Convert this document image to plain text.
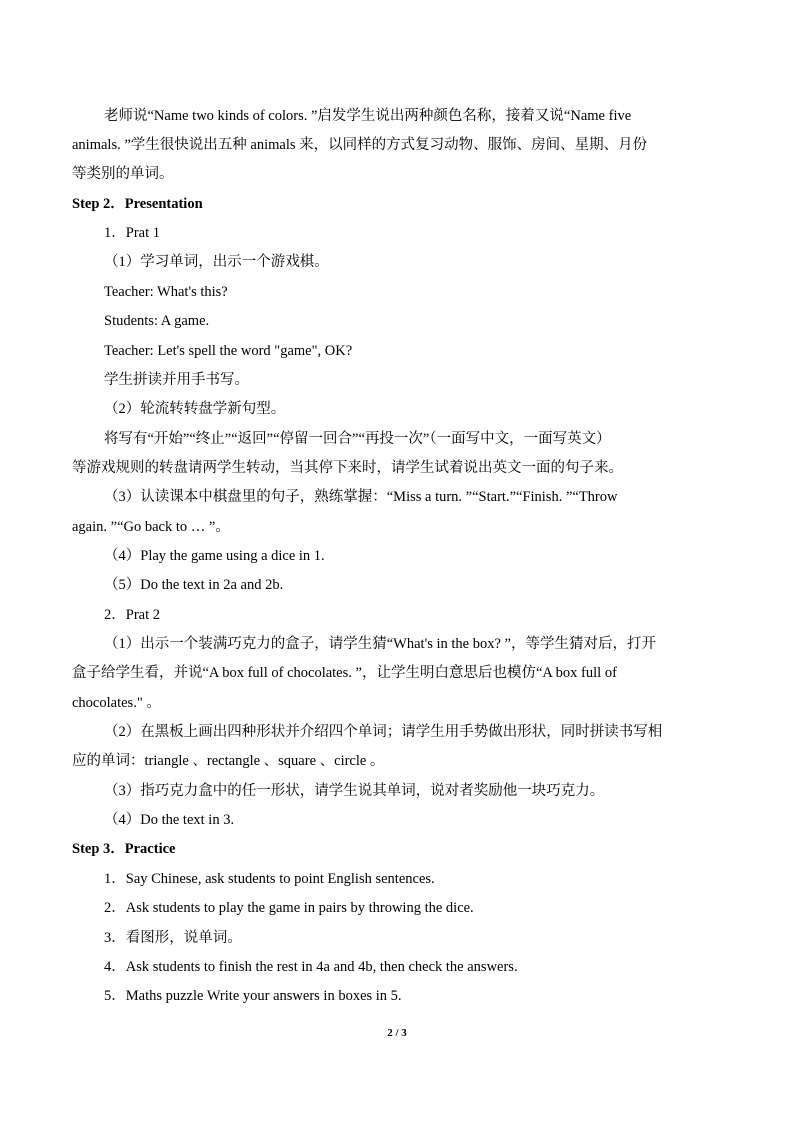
老师说“Name two kinds of colors. ”启发学生说出两种颜色名称，接着又说“Name five
animals. ”学生很快说出五种 animals 来，以同样的方式复习动物、服饰、房间、星期、月份
等类别的单词。
Step 2．Presentation
1．Prat 1
（1）学习单词，出示一个游戏棋。
Teacher: What's this?
Students: A game.
Teacher: Let's spell the word "game", OK?
学生拼读并用手书写。
（2）轮流转转盘学新句型。
将写有“开始”“终止”“返回”“停留一回合”“再投一次”（一面写中文，一面写英文）
等游戏规则的转盘请两学生转动，当其停下来时，请学生试着说出英文一面的句子来。
（3）认读课本中棋盘里的句子，熟练掌握：“Miss a turn. ”“Start.”“Finish. ”“Throw
again. ”“Go back to … ”。
（4）Play the game using a dice in 1.
（5）Do the text in 2a and 2b.
2．Prat 2
（1）出示一个装满巧克力的盒子，请学生猜“What's in the box? ”，等学生猜对后，打开
盒子给学生看，并说“A box full of chocolates. ”，让学生明白意思后也模仿“A box full of
chocolates." 。
（2）在黑板上画出四种形状并介绍四个单词；请学生用手势做出形状，同时拼读书写相
应的单词：triangle 、rectangle 、square 、circle 。
（3）指巧克力盒中的任一形状，请学生说其单词，说对者奖励他一块巧克力。
（4）Do the text in 3.
Step 3．Practice
1．Say Chinese, ask students to point English sentences.
2．Ask students to play the game in pairs by throwing the dice.
3．看图形，说单词。
4．Ask students to finish the rest in 4a and 4b, then check the answers.
5．Maths puzzle Write your answers in boxes in 5.
2 / 3
